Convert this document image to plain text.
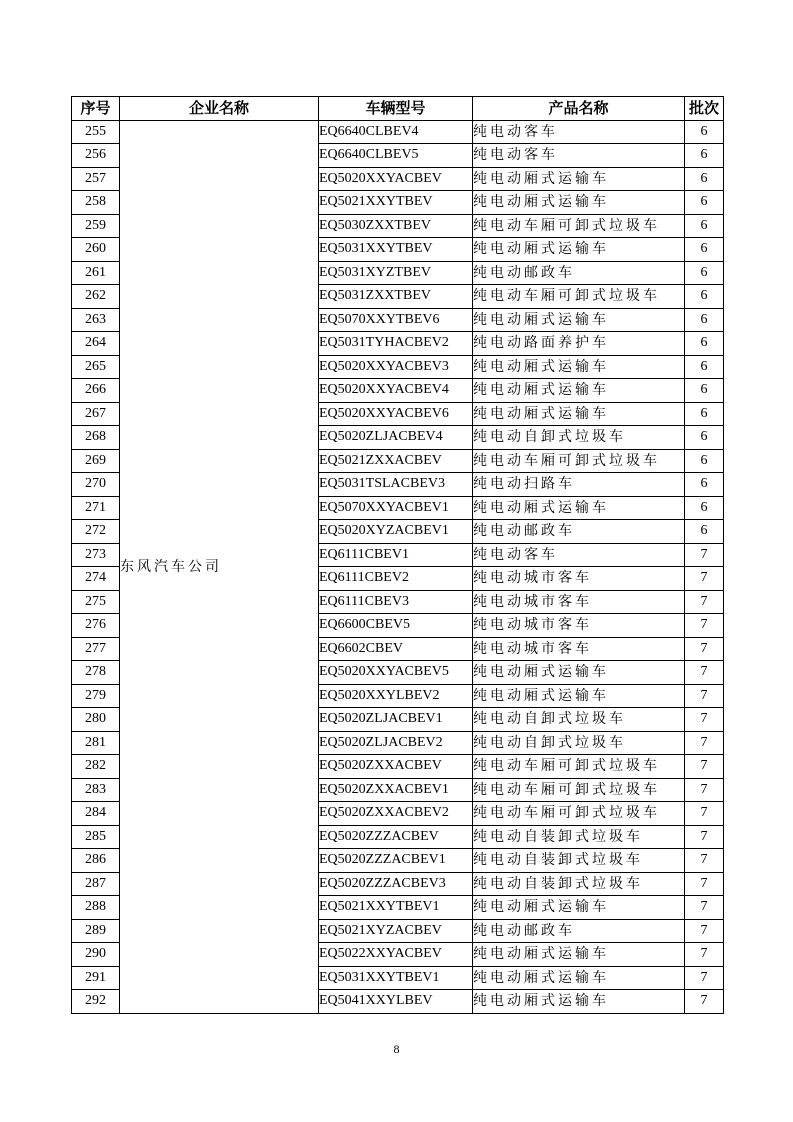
序号	企业名称	车辆型号	产品名称	批次
255	东风汽车公司	EQ6640CLBEV4	纯电动客车	6
256		EQ6640CLBEV5	纯电动客车	6
257		EQ5020XXYACBEV	纯电动厢式运输车	6
258		EQ5021XXYTBEV	纯电动厢式运输车	6
259		EQ5030ZXXTBEV	纯电动车厢可卸式垃圾车	6
260		EQ5031XXYTBEV	纯电动厢式运输车	6
261		EQ5031XYZTBEV	纯电动邮政车	6
262		EQ5031ZXXTBEV	纯电动车厢可卸式垃圾车	6
263		EQ5070XXYTBEV6	纯电动厢式运输车	6
264		EQ5031TYHACBEV2	纯电动路面养护车	6
265		EQ5020XXYACBEV3	纯电动厢式运输车	6
266		EQ5020XXYACBEV4	纯电动厢式运输车	6
267		EQ5020XXYACBEV6	纯电动厢式运输车	6
268		EQ5020ZLJACBEV4	纯电动自卸式垃圾车	6
269		EQ5021ZXXACBEV	纯电动车厢可卸式垃圾车	6
270		EQ5031TSLACBEV3	纯电动扫路车	6
271		EQ5070XXYACBEV1	纯电动厢式运输车	6
272		EQ5020XYZACBEV1	纯电动邮政车	6
273		EQ6111CBEV1	纯电动客车	7
274		EQ6111CBEV2	纯电动城市客车	7
275		EQ6111CBEV3	纯电动城市客车	7
276		EQ6600CBEV5	纯电动城市客车	7
277		EQ6602CBEV	纯电动城市客车	7
278		EQ5020XXYACBEV5	纯电动厢式运输车	7
279		EQ5020XXYLBEV2	纯电动厢式运输车	7
280		EQ5020ZLJACBEV1	纯电动自卸式垃圾车	7
281		EQ5020ZLJACBEV2	纯电动自卸式垃圾车	7
282		EQ5020ZXXACBEV	纯电动车厢可卸式垃圾车	7
283		EQ5020ZXXACBEV1	纯电动车厢可卸式垃圾车	7
284		EQ5020ZXXACBEV2	纯电动车厢可卸式垃圾车	7
285		EQ5020ZZZACBEV	纯电动自装卸式垃圾车	7
286		EQ5020ZZZACBEV1	纯电动自装卸式垃圾车	7
287		EQ5020ZZZACBEV3	纯电动自装卸式垃圾车	7
288		EQ5021XXYTBEV1	纯电动厢式运输车	7
289		EQ5021XYZACBEV	纯电动邮政车	7
290		EQ5022XXYACBEV	纯电动厢式运输车	7
291		EQ5031XXYTBEV1	纯电动厢式运输车	7
292		EQ5041XXYLBEV	纯电动厢式运输车	7
8
